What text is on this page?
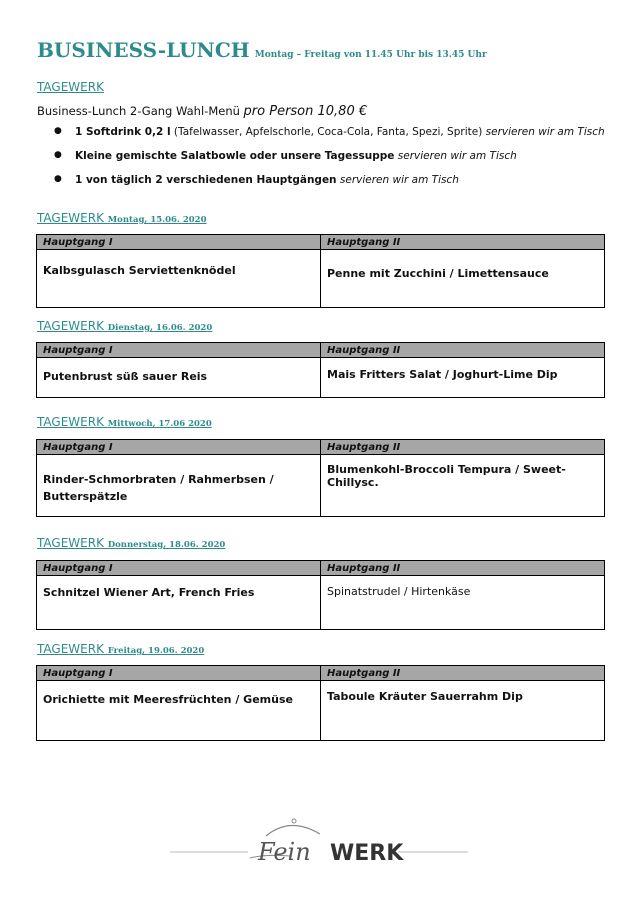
BUSINESS-LUNCH Montag – Freitag von 11.45 Uhr bis 13.45 Uhr
TAGEWERK
Business-Lunch 2-Gang Wahl-Menü pro Person 10,80 €
● 1 Softdrink 0,2 l (Tafelwasser, Apfelschorle, Coca-Cola, Fanta, Spezi, Sprite) servieren wir am Tisch
● Kleine gemischte Salatbowle oder unsere Tagessuppe servieren wir am Tisch
● 1 von täglich 2 verschiedenen Hauptgängen servieren wir am Tisch
TAGEWERK Montag, 15.06. 2020
Hauptgang I	Hauptgang II
Kalbsgulasch Serviettenknödel	Penne mit Zucchini / Limettensauce
TAGEWERK Dienstag, 16.06. 2020
Hauptgang I	Hauptgang II
Putenbrust süß sauer Reis	Mais Fritters Salat / Joghurt-Lime Dip
TAGEWERK Mittwoch, 17.06 2020
Hauptgang I	Hauptgang II
Rinder-Schmorbraten / Rahmerbsen / Butterspätzle	Blumenkohl-Broccoli Tempura / Sweet-Chillysc.
TAGEWERK Donnerstag, 18.06. 2020
Hauptgang I	Hauptgang II
Schnitzel Wiener Art, French Fries	Spinatstrudel / Hirtenkäse
TAGEWERK Freitag, 19.06. 2020
Hauptgang I	Hauptgang II
Orichiette mit Meeresfrüchten / Gemüse	Taboule Kräuter Sauerrahm Dip
Fein WERK
